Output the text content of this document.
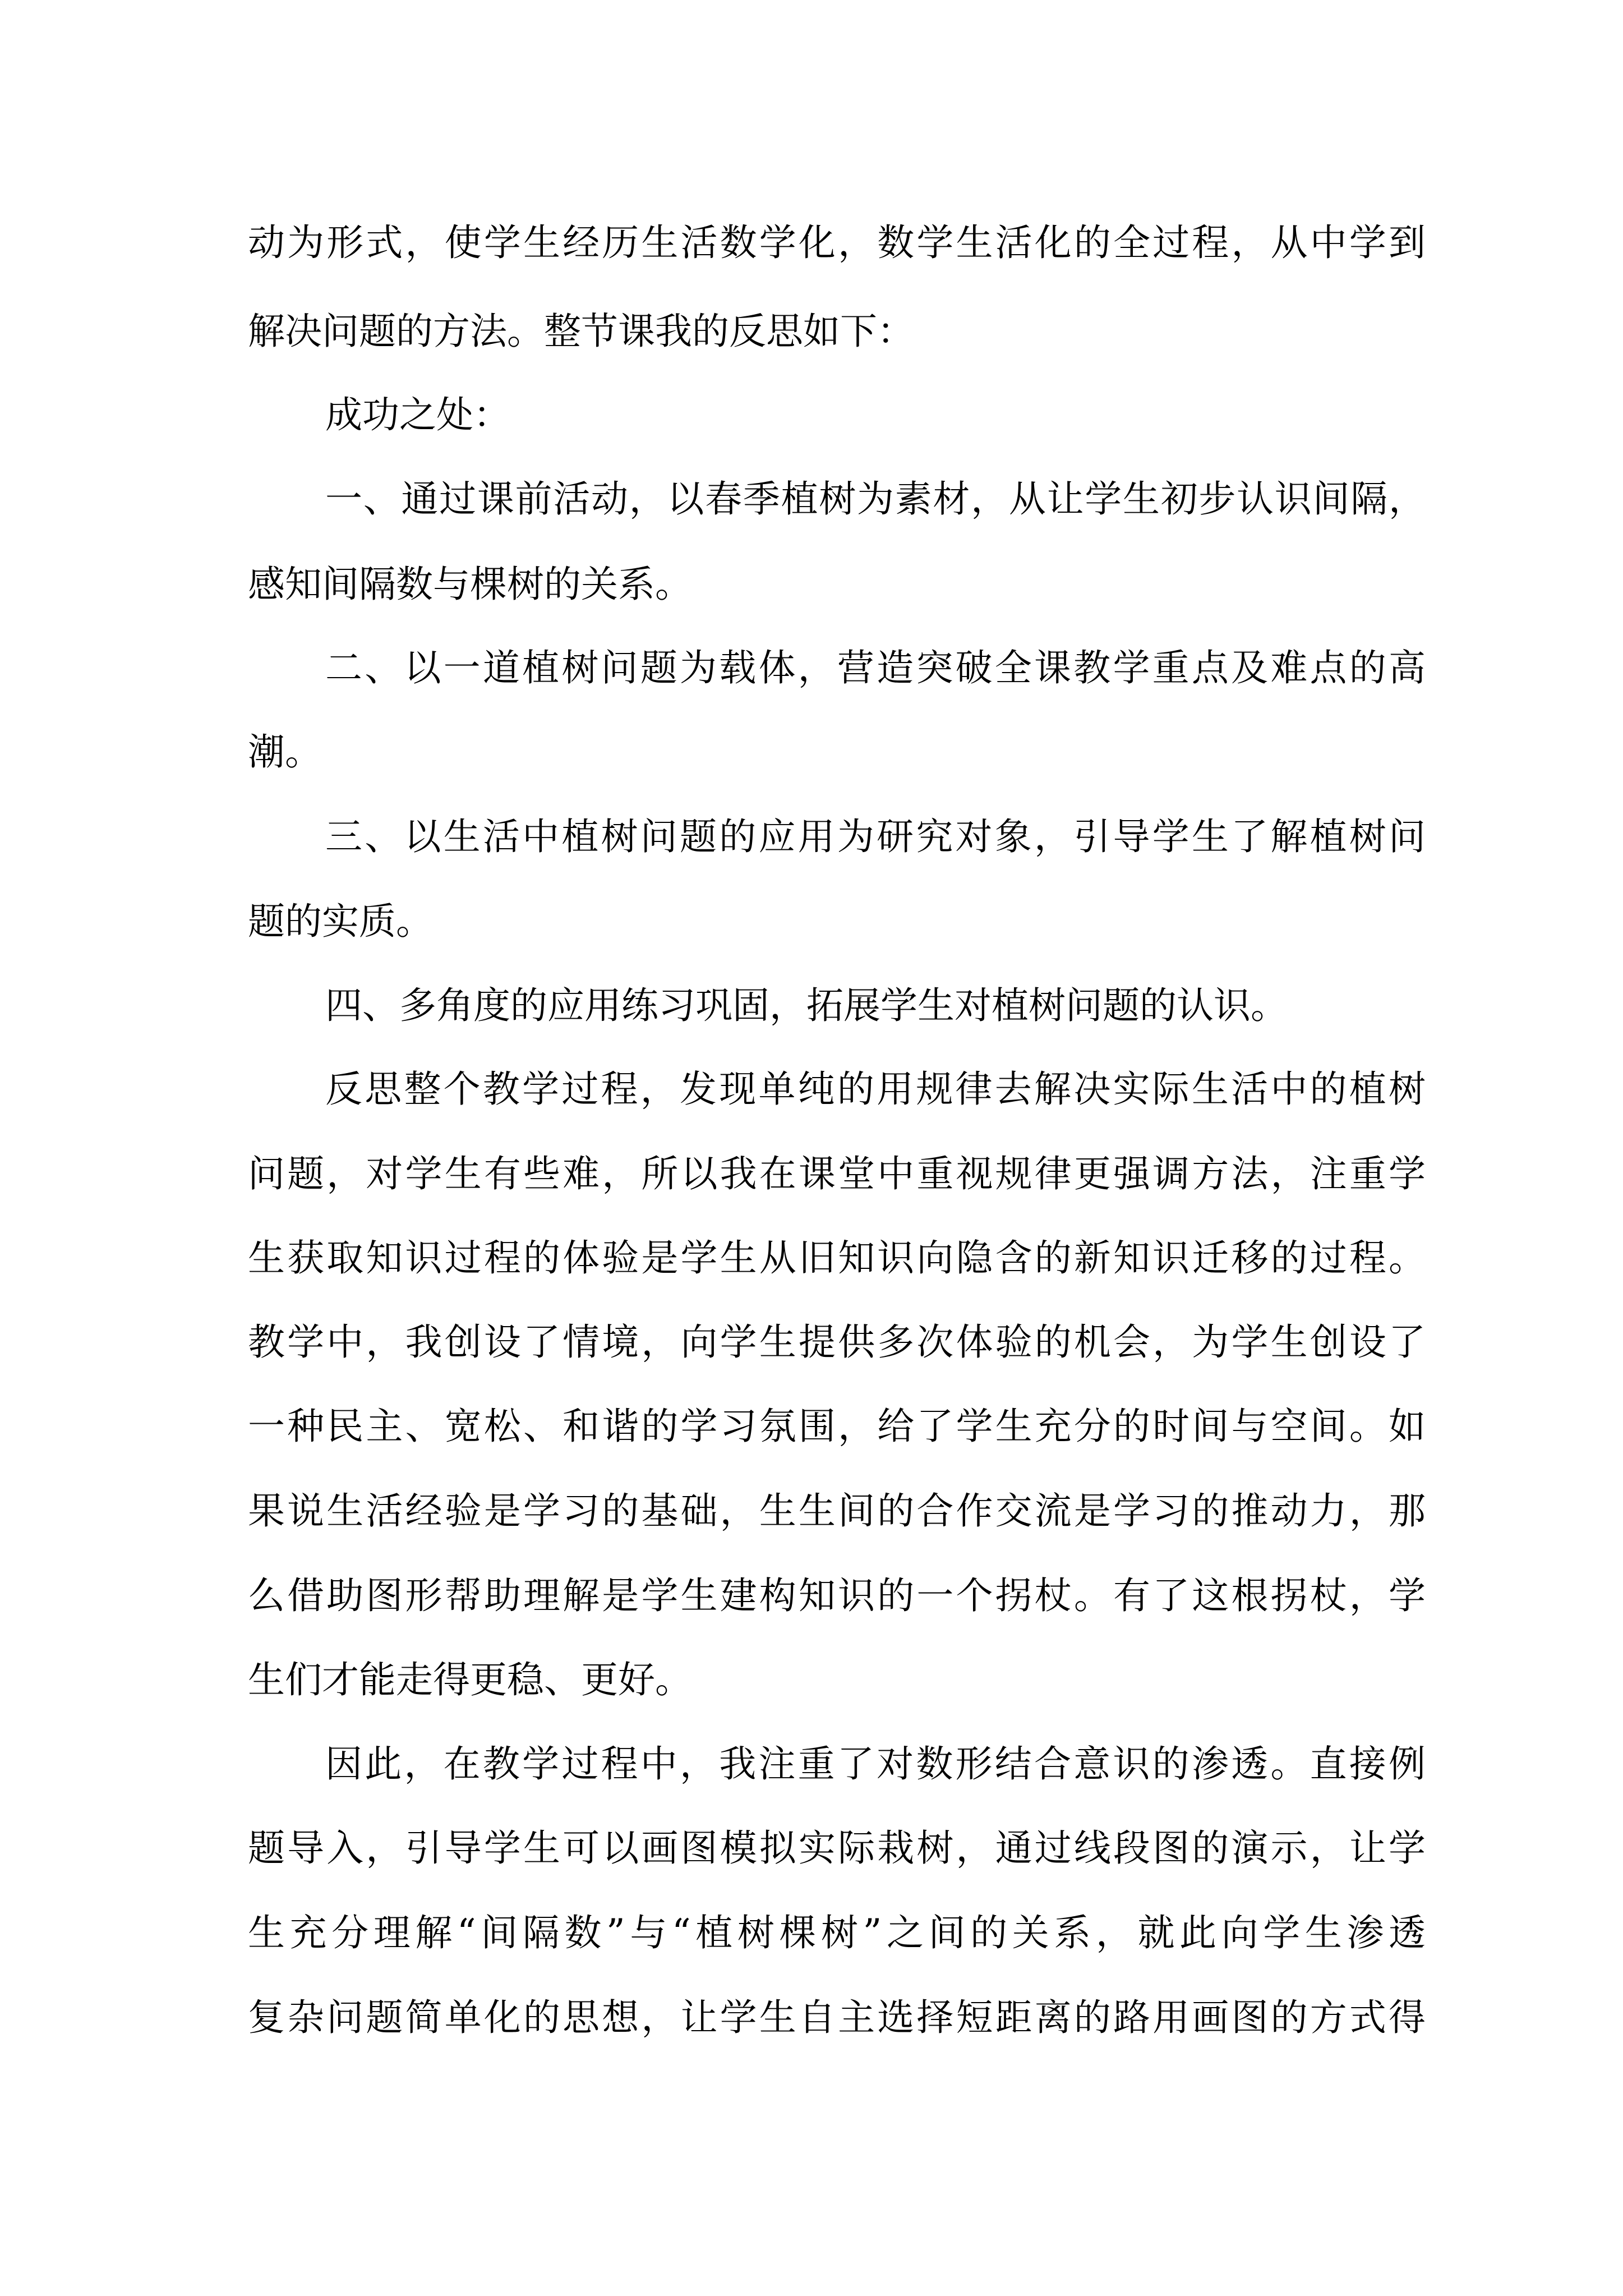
动为形式，使学生经历生活数学化，数学生活化的全过程，从中学到
解决问题的方法。整节课我的反思如下：
成功之处：
一、通过课前活动，以春季植树为素材，从让学生初步认识间隔，
感知间隔数与棵树的关系。
二、以一道植树问题为载体，营造突破全课教学重点及难点的高
潮。
三、以生活中植树问题的应用为研究对象，引导学生了解植树问
题的实质。
四、多角度的应用练习巩固，拓展学生对植树问题的认识。
反思整个教学过程，发现单纯的用规律去解决实际生活中的植树
问题，对学生有些难，所以我在课堂中重视规律更强调方法，注重学
生获取知识过程的体验是学生从旧知识向隐含的新知识迁移的过程。
教学中，我创设了情境，向学生提供多次体验的机会，为学生创设了
一种民主、宽松、和谐的学习氛围，给了学生充分的时间与空间。如
果说生活经验是学习的基础，生生间的合作交流是学习的推动力，那
么借助图形帮助理解是学生建构知识的一个拐杖。有了这根拐杖，学
生们才能走得更稳、更好。
因此，在教学过程中，我注重了对数形结合意识的渗透。直接例
题导入，引导学生可以画图模拟实际栽树，通过线段图的演示，让学
生充分理解“间隔数”与“植树棵树”之间的关系，就此向学生渗透
复杂问题简单化的思想，让学生自主选择短距离的路用画图的方式得
